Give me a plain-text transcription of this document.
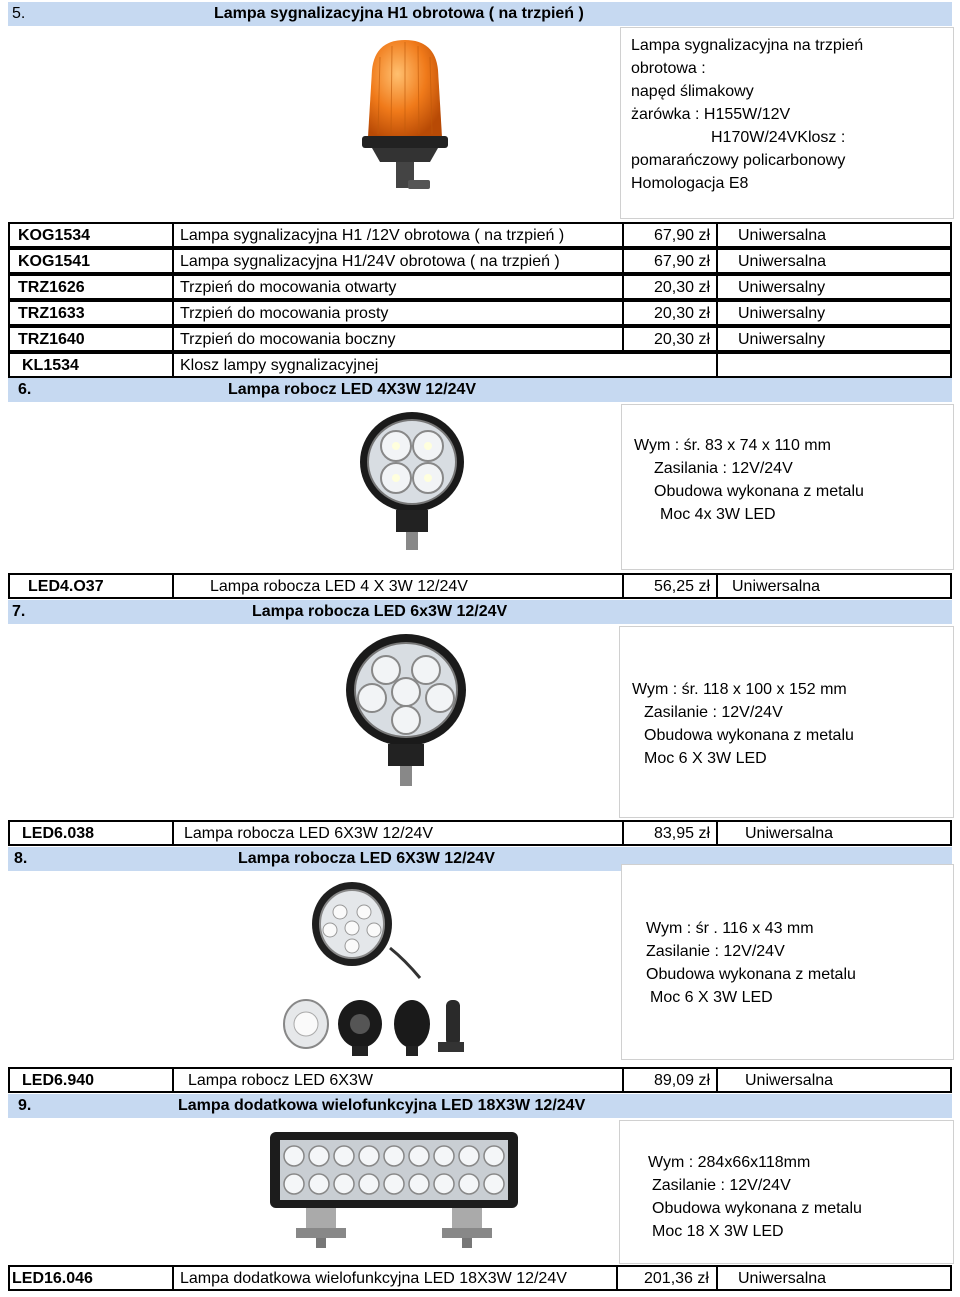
5.	Lampa sygnalizacyjna H1 obrotowa ( na trzpień )
Lampa sygnalizacyjna na trzpień
obrotowa :
napęd ślimakowy
żarówka : H155W/12V
H170W/24VKlosz :
pomarańczowy policarbonowy
Homologacja E8
KOG1534	Lampa sygnalizacyjna H1 /12V obrotowa ( na trzpień )	67,90 zł Uniwersalna
KOG1541	Lampa sygnalizacyjna H1/24V obrotowa ( na trzpień )	67,90 zł Uniwersalna
TRZ1626	Trzpień do mocowania otwarty	20,30 zł Uniwersalny
TRZ1633	Trzpień do mocowania prosty	20,30 zł Uniwersalny
TRZ1640	Trzpień do mocowania boczny	20,30 zł Uniwersalny
KL1534	Klosz lampy sygnalizacyjnej
6.	Lampa robocz LED 4X3W 12/24V
Wym : śr. 83 x 74 x 110 mm
Zasilania : 12V/24V
Obudowa wykonana z metalu
Moc 4x 3W LED
LED4.O37	Lampa robocza LED 4 X 3W 12/24V	56,25 zł Uniwersalna
7.	Lampa robocza LED 6x3W 12/24V
Wym : śr. 118 x 100 x 152 mm
Zasilanie : 12V/24V
Obudowa wykonana z metalu
Moc 6 X 3W LED
LED6.038	Lampa robocza LED 6X3W 12/24V	83,95 zł Uniwersalna
8.	Lampa robocza LED 6X3W 12/24V
Wym : śr . 116 x 43 mm
Zasilanie : 12V/24V
Obudowa wykonana z metalu
Moc 6 X 3W LED
LED6.940	Lampa robocz LED 6X3W	89,09 zł Uniwersalna
9.	Lampa dodatkowa wielofunkcyjna LED 18X3W 12/24V
Wym : 284x66x118mm
Zasilanie : 12V/24V
Obudowa wykonana z metalu
Moc 18 X 3W LED
LED16.046	Lampa dodatkowa wielofunkcyjna LED 18X3W 12/24V	201,36 zł Uniwersalna
